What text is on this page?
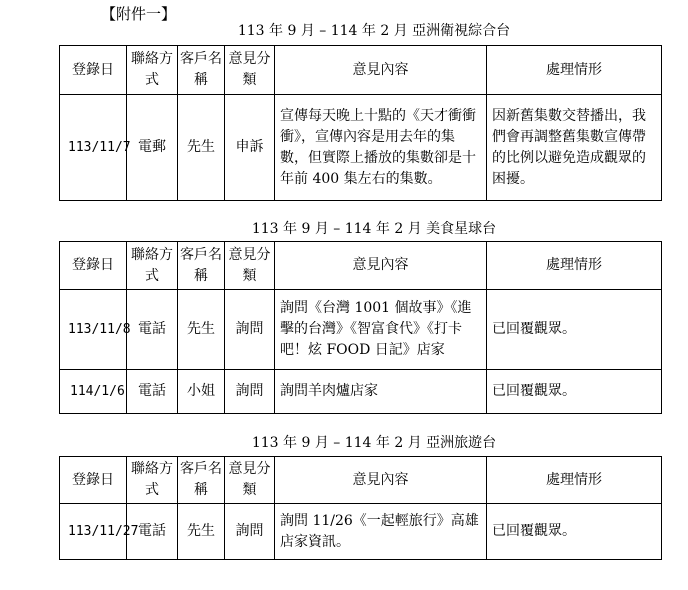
【附件一】
113 年 9 月 – 114 年 2 月 亞洲衛視綜合台
登錄日	聯絡方式	客戶名稱	意見分類	意見內容	處理情形
113/11/7	電郵	先生	申訴	宣傳每天晚上十點的《天才衝衝衝》，宣傳內容是用去年的集數，但實際上播放的集數卻是十年前 400 集左右的集數。	因新舊集數交替播出，我們會再調整舊集數宣傳帶的比例以避免造成觀眾的困擾。
113 年 9 月 – 114 年 2 月 美食星球台
登錄日	聯絡方式	客戶名稱	意見分類	意見內容	處理情形
113/11/8	電話	先生	詢問	詢問《台灣 1001 個故事》《進擊的台灣》《智富食代》《打卡吧！炫 FOOD 日記》店家	已回覆觀眾。
114/1/6	電話	小姐	詢問	詢問羊肉爐店家	已回覆觀眾。
113 年 9 月 – 114 年 2 月 亞洲旅遊台
登錄日	聯絡方式	客戶名稱	意見分類	意見內容	處理情形
113/11/27	電話	先生	詢問	詢問 11/26《一起輕旅行》高雄店家資訊。	已回覆觀眾。
